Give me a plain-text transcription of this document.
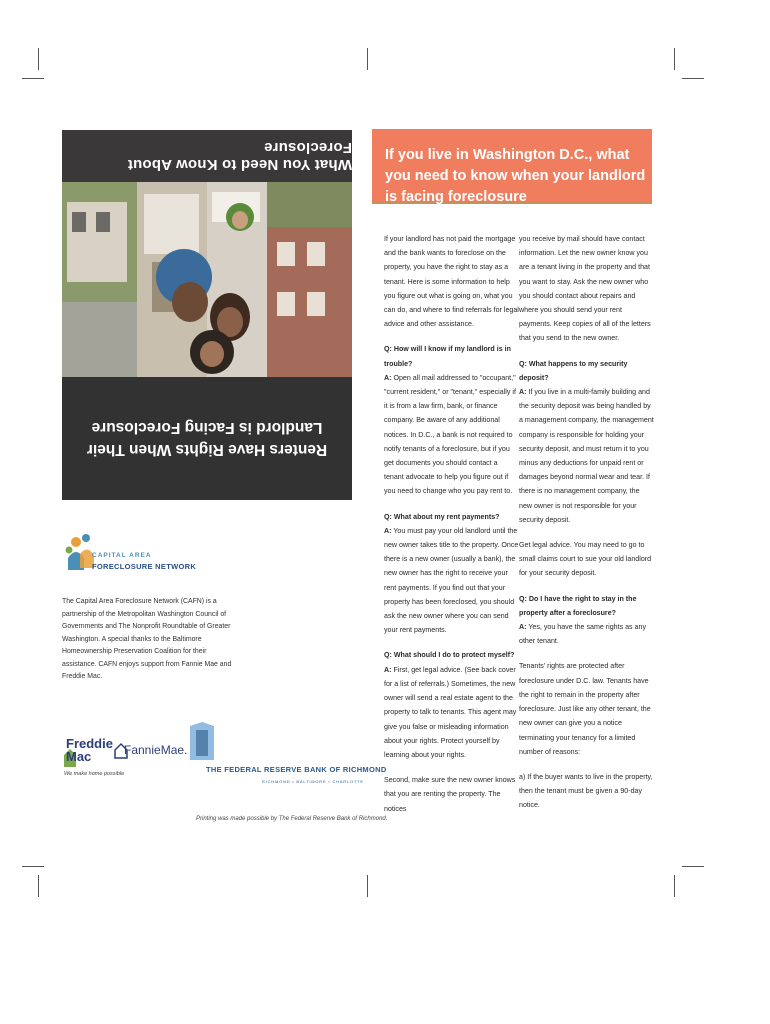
What You Need to Know About Foreclosure
Renters Have Rights When Their Landlord is Facing Foreclosure
CAPITAL AREA
FORECLOSURE NETWORK
The Capital Area Foreclosure Network (CAFN) is a partnership of the Metropolitan Washington Council of Governments and The Nonprofit Roundtable of Greater Washington. A special thanks to the Baltimore Homeownership Preservation Coalition for their assistance. CAFN enjoys support from Fannie Mae and Freddie Mac.
Freddie
Mac
We make home possible
FannieMae.
THE FEDERAL RESERVE BANK OF RICHMOND
RICHMOND • BALTIMORE • CHARLOTTE
Printing was made possible by The Federal Reserve Bank of Richmond.
If you live in Washington D.C., what you need to know when your landlord is facing foreclosure

If your landlord has not paid the mortgage and the bank wants to foreclose on the property, you have the right to stay as a tenant. Here is some information to help you figure out what is going on, what you can do, and where to find referrals for legal advice and other assistance.

Q: How will I know if my landlord is in trouble?
A: Open all mail addressed to "occupant," "current resident," or "tenant," especially if it is from a law firm, bank, or finance company. Be aware of any additional notices. In D.C., a bank is not required to notify tenants of a foreclosure, but if you get documents you should contact a tenant advocate to help you figure out if you need to change who you pay rent to.

Q: What about my rent payments?
A: You must pay your old landlord until the new owner takes title to the property. Once there is a new owner (usually a bank), the new owner has the right to receive your rent payments. If you find out that your property has been foreclosed, you should ask the new owner where you can send your rent payments.

Q: What should I do to protect myself?
A: First, get legal advice. (See back cover for a list of referrals.) Sometimes, the new owner will send a real estate agent to the property to talk to tenants. This agent may give you false or misleading information about your rights. Protect yourself by learning about your rights.

Second, make sure the new owner knows that you are renting the property. The notices

you receive by mail should have contact information. Let the new owner know you are a tenant living in the property and that you want to stay. Ask the new owner who you should contact about repairs and where you should send your rent payments. Keep copies of all of the letters that you send to the new owner.

Q: What happens to my security deposit?
A: If you live in a multi-family building and the security deposit was being handled by a management company, the management company is responsible for holding your security deposit, and must return it to you minus any deductions for unpaid rent or damages beyond normal wear and tear. If there is no management company, the new owner is not responsible for your security deposit.

Get legal advice. You may need to go to small claims court to sue your old landlord for your security deposit.

Q: Do I have the right to stay in the property after a foreclosure?
A: Yes, you have the same rights as any other tenant.

Tenants' rights are protected after foreclosure under D.C. law. Tenants have the right to remain in the property after foreclosure. Just like any other tenant, the new owner can give you a notice terminating your tenancy for a limited number of reasons:

a) If the buyer wants to live in the property, then the tenant must be given a 90-day notice.
